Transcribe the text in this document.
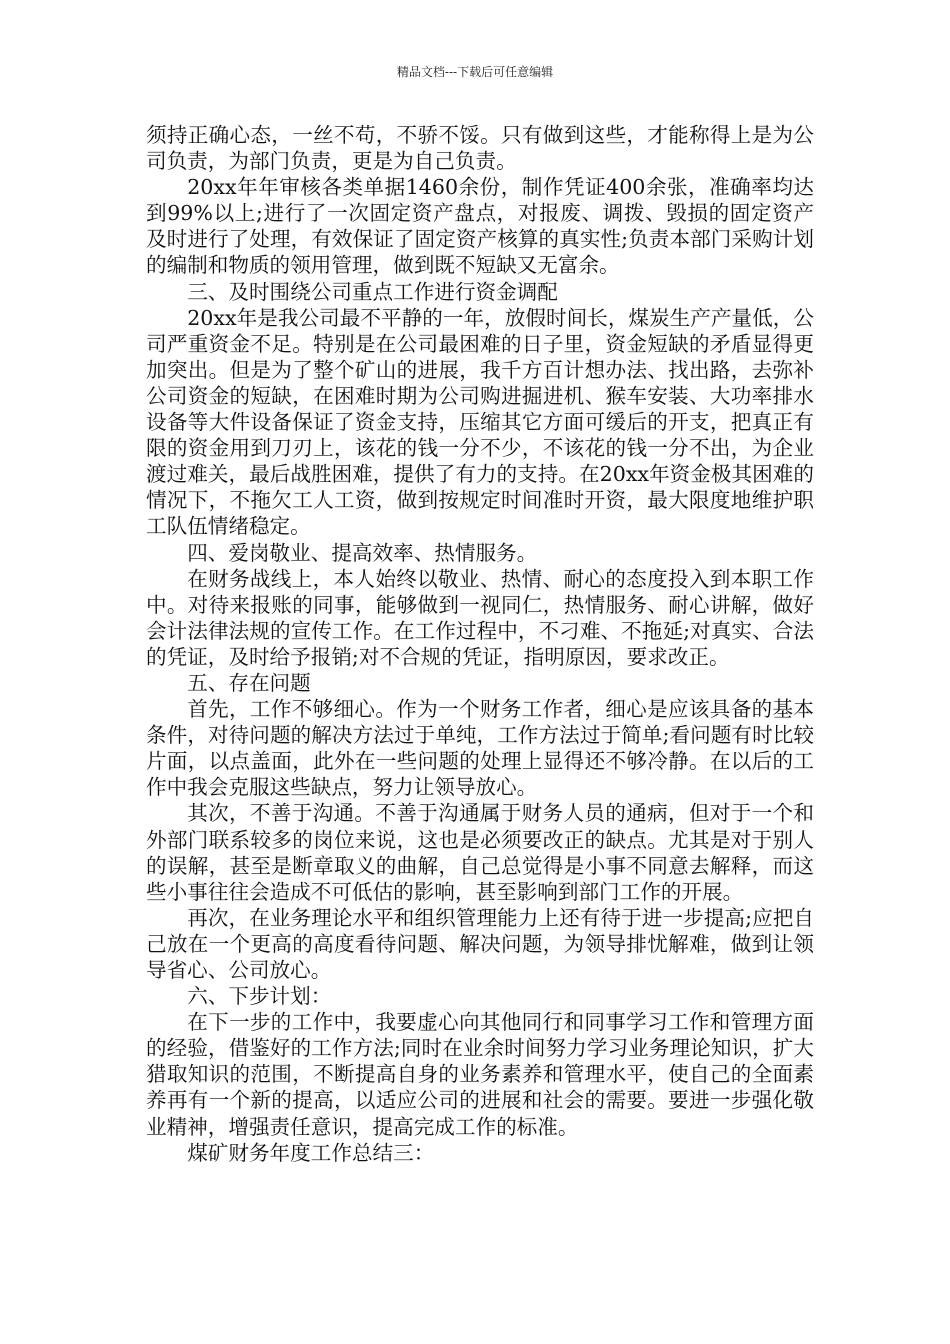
精品文档---下载后可任意编辑

须持正确心态，一丝不苟，不骄不馁。只有做到这些，才能称得上是为公司负责，为部门负责，更是为自己负责。

20xx年年审核各类单据1460余份，制作凭证400余张，准确率均达到99%以上;进行了一次固定资产盘点，对报废、调拨、毁损的固定资产及时进行了处理，有效保证了固定资产核算的真实性;负责本部门采购计划的编制和物质的领用管理，做到既不短缺又无富余。

三、及时围绕公司重点工作进行资金调配

20xx年是我公司最不平静的一年，放假时间长，煤炭生产产量低，公司严重资金不足。特别是在公司最困难的日子里，资金短缺的矛盾显得更加突出。但是为了整个矿山的进展，我千方百计想办法、找出路，去弥补公司资金的短缺，在困难时期为公司购进掘进机、猴车安装、大功率排水设备等大件设备保证了资金支持，压缩其它方面可缓后的开支，把真正有限的资金用到刀刃上，该花的钱一分不少，不该花的钱一分不出，为企业渡过难关，最后战胜困难，提供了有力的支持。在20xx年资金极其困难的情况下，不拖欠工人工资，做到按规定时间准时开资，最大限度地维护职工队伍情绪稳定。

四、爱岗敬业、提高效率、热情服务。

在财务战线上，本人始终以敬业、热情、耐心的态度投入到本职工作中。对待来报账的同事，能够做到一视同仁，热情服务、耐心讲解，做好会计法律法规的宣传工作。在工作过程中，不刁难、不拖延;对真实、合法的凭证，及时给予报销;对不合规的凭证，指明原因，要求改正。

五、存在问题

首先，工作不够细心。作为一个财务工作者，细心是应该具备的基本条件，对待问题的解决方法过于单纯，工作方法过于简单;看问题有时比较片面，以点盖面，此外在一些问题的处理上显得还不够冷静。在以后的工作中我会克服这些缺点，努力让领导放心。

其次，不善于沟通。不善于沟通属于财务人员的通病，但对于一个和外部门联系较多的岗位来说，这也是必须要改正的缺点。尤其是对于别人的误解，甚至是断章取义的曲解，自己总觉得是小事不同意去解释，而这些小事往往会造成不可低估的影响，甚至影响到部门工作的开展。

再次，在业务理论水平和组织管理能力上还有待于进一步提高;应把自己放在一个更高的高度看待问题、解决问题，为领导排忧解难，做到让领导省心、公司放心。

六、下步计划：

在下一步的工作中，我要虚心向其他同行和同事学习工作和管理方面的经验，借鉴好的工作方法;同时在业余时间努力学习业务理论知识，扩大猎取知识的范围，不断提高自身的业务素养和管理水平，使自己的全面素养再有一个新的提高，以适应公司的进展和社会的需要。要进一步强化敬业精神，增强责任意识，提高完成工作的标准。

煤矿财务年度工作总结三：
